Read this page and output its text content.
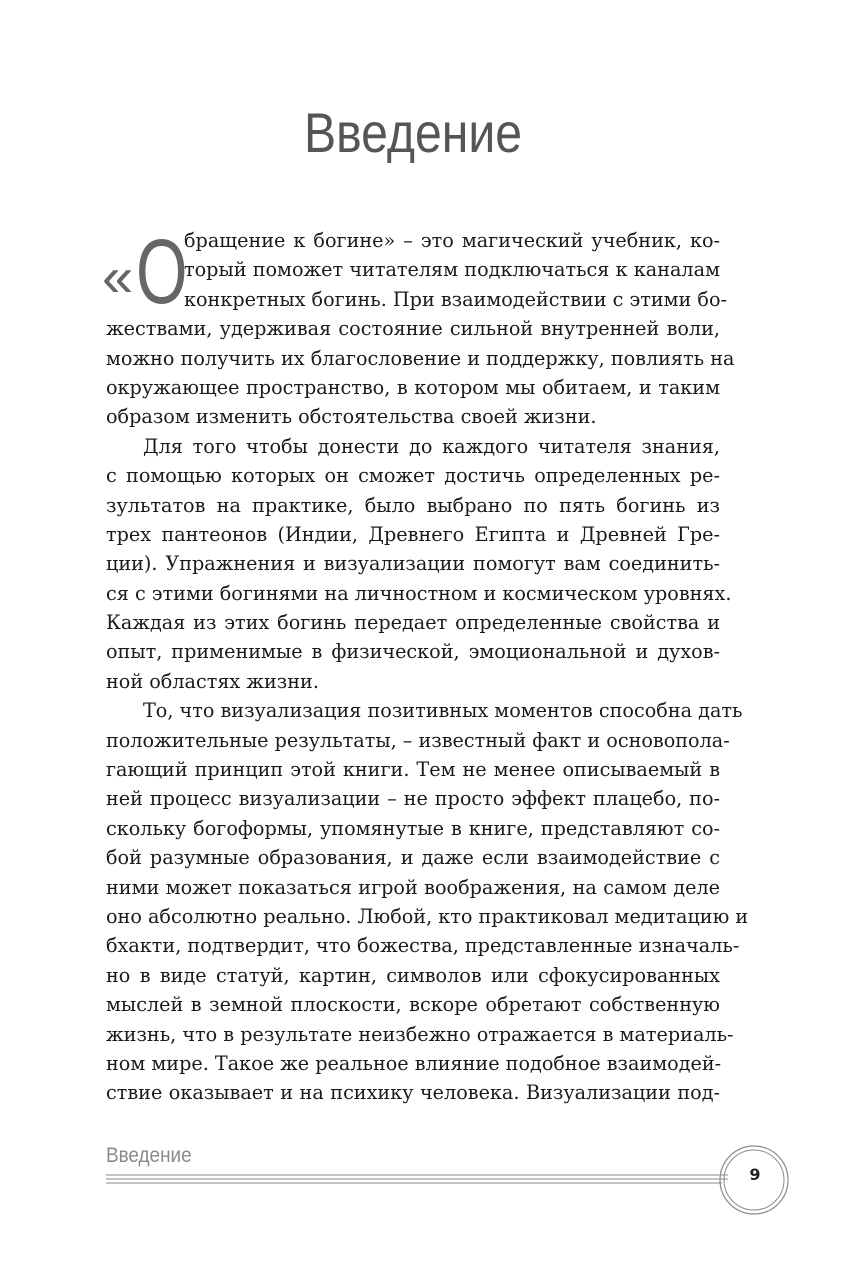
Введение
« О
бращение к богине» – это магический учебник, ко-
торый поможет читателям подключаться к каналам
конкретных богинь. При взаимодействии с этими бо-
жествами, удерживая состояние сильной внутренней воли,
можно получить их благословение и поддержку, повлиять на
окружающее пространство, в котором мы обитаем, и таким
образом изменить обстоятельства своей жизни.
Для того чтобы донести до каждого читателя знания,
с помощью которых он сможет достичь определенных ре-
зультатов на практике, было выбрано по пять богинь из
трех пантеонов (Индии, Древнего Египта и Древней Гре-
ции). Упражнения и визуализации помогут вам соединить-
ся с этими богинями на личностном и космическом уровнях.
Каждая из этих богинь передает определенные свойства и
опыт, применимые в физической, эмоциональной и духов-
ной областях жизни.
То, что визуализация позитивных моментов способна дать
положительные результаты, – известный факт и основопола-
гающий принцип этой книги. Тем не менее описываемый в
ней процесс визуализации – не просто эффект плацебо, по-
скольку богоформы, упомянутые в книге, представляют со-
бой разумные образования, и даже если взаимодействие с
ними может показаться игрой воображения, на самом деле
оно абсолютно реально. Любой, кто практиковал медитацию и
бхакти, подтвердит, что божества, представленные изначаль-
но в виде статуй, картин, символов или сфокусированных
мыслей в земной плоскости, вскоре обретают собственную
жизнь, что в результате неизбежно отражается в материаль-
ном мире. Такое же реальное влияние подобное взаимодей-
ствие оказывает и на психику человека. Визуализации под-
Введение
9
